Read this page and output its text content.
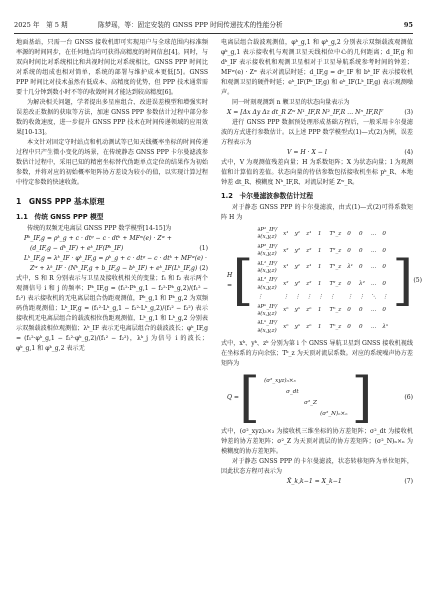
2025 年　第 5 期	陈梦瑶，等：固定安装的 GNSS PPP 时间传递技术的性能分析	95

地面基站，只需一台 GNSS 接收机即可实现用户与全球范围内标准频率源的时间同步，在任何地点均可获得高精度的时间信息[4]。同时，与双向时间比对系统相比和共视时间比对系统相比，GNSS PPP 时间比对系统的组成也相对简单，系统的部署与维护成本更低[5]。GNSS PPP 时间比对技术虽然有低成本、高精度的优势，但 PPP 技术通常需要十几分钟到数小时不等的收敛时间才能达到较高精度[6]。

为解决相关问题，学者提出多星座组合、改进误差模型和增强实时误差改正数据的获取等方法，加速 GNSS PPP 参数估计过程中部分参数的收敛速度，进一步提升 GNSS PPP 技术在时间传递领域的应用效果[10-13]。

本文针对固定守时站点和机动测试等已知天线概率坐标的时间传递过程中只产生微小变化的场景，在传统静态 GNSS PPP 卡尔曼滤波参数估计过程中，采用已知的精密坐标替代伪距单点定位的结果作为初始参数，并将对应的初始概率矩阵协方差设为较小的值，以实现计算过程中待定参数的快速收敛。

1　GNSS PPP 基本原理
1.1　传统 GNSS PPP 模型

传统的双频无电离层 GNSS PPP 数学模型[14-15]为

Pᵏ_IF,g = ρᵏ_g + c · dtᵍ − c · dtᵏ + MFʷ(e) · Zʷ +
(d_IF,g − dᵏ_IF) + eᵏ_IF(Pᵏ_IF)	(1)
Lᵏ_IF,g = λᵏ_IF · φᵏ_IF,g = ρᵏ_g + c · dtᵍ − c · dtᵏ + MFʷ(e) ·
Zʷ + λᵏ_IF · (Nᵏ_IF,g + b_IF,g − bᵏ_IF) + eᵏ_IF(Lᵏ_IF,g) (2)

式中，S 和 R 分别表示与卫星及接收机相关的变量；f₁ 和 f₂ 表示两个观测信号 i 和 j 的频率；Pᵏ_IF,g = (f₁²·Pᵏ_g,1 − f₂²·Pᵏ_g,2)/(f₁² − f₂²) 表示接收机的无电离层组合伪距观测值，Pᵏ_g,1 和 Pᵏ_g,2 为双频码伪距观测值；Lᵏ_IF,g = (f₁²·Lᵏ_g,1 − f₂²·Lᵏ_g,2)/(f₁² − f₂²) 表示接收机无电离层组合的载波相位伪距观测值，Lᵏ_g,1 和 Lᵏ_g,2 分别表示双频载波相位观测值；λᵏ_IF 表示无电离层组合的载波波长；φᵏ_IF,g = (f₁²·φᵏ_g,1 − f₂²·φᵏ_g,2)/(f₁² − f₂²)，λᵏ_j 为信号 i 的波长；φᵏ_g,1 和 φᵏ_g,2 表示无

电离层组合载波观测值，φᵏ_g,1 和 φᵏ_g,2 分别表示双频载波观测值 φᵏ_g,1 表示接收机与观测卫星天线相位中心的几何距离；d_IF,g 和 dᵏ_IF 表示接收机和观测卫星相对于卫星导航系统参考时间的钟差；MFʷ(e) · Zʷ 表示对流层时延；d_IF,g = dᵍ_IF 和 bᵏ_IF 表示接收机和观测卫星的硬件时延；eᵏ_IF(Pᵏ_IF,g) 和 eᵏ_IF(Lᵏ_IF,g) 表示观测噪声。

同一时刻观测到 n 颗卫星的状态向量表示为

X = [Δx Δy Δz dt_R Zʷ N¹_IF,R N²_IF,R … Nⁿ_IF,R]ᵀ	(3)

进行 GNSS PPP 数据预处理形成基础方程后，一般采用卡尔曼滤波的方式进行参数估计。以上述 PPP 数学模型式(1)—式(2)为例，误差方程表示为

V = H · X − l	(4)

式中，V 为观测值残差向量；H 为系数矩阵；X 为状态向量；l 为观测值和计算值的差值。状态向量的待估参数包括接收机坐标 pᵏ_R、本地钟差 dt_R、模糊度 Nᵏ_IF,R、对流层时延 Zʷ_R。

1.2　卡尔曼滤波参数估计过程

对于静态 GNSS PPP 的卡尔曼滤波，由式(1)—式(2)可得系数矩阵 H 为

H = [
∂P¹_IF/∂(x,y,z)	x¹	y¹	z¹	1	T¹_z	0	0	…	0
∂P²_IF/∂(x,y,z)	x²	y²	z²	1	T²_z	0	0	…	0
∂L¹_IF/∂(x,y,z)	x¹	y¹	z¹	1	T¹_z	λ¹	0	…	0
∂L²_IF/∂(x,y,z)	x²	y²	z²	1	T²_z	0	λ²	…	0
⋮	⋮	⋮	⋮	⋮	⋮	⋮	⋮	⋱	⋮
∂Pⁿ_IF/∂(x,y,z)	xⁿ	yⁿ	zⁿ	1	Tⁿ_z	0	0	…	0
∂Lⁿ_IF/∂(x,y,z)	xⁿ	yⁿ	zⁿ	1	Tⁿ_z	0	0	…	λⁿ
] (5)

式中，xᵏ、yᵏ、zᵏ 分别为第 i 个 GNSS 导航卫星到 GNSS 接收机视线在坐标系的方向余弦；Tᵏ_z 为天顶对流层系数。对应的系统噪声协方差矩阵为

Q = [ (σ²_xyz)₃×₃
σ_dt
σ²_Z
(σ²_N)ₙ×ₙ ]	(6)

式中，(σ²_xyz)₃×₃ 为接收机三维坐标的协方差矩阵；σ²_dt 为接收机钟差的协方差矩阵；σ²_Z 为天顶对流层的协方差矩阵；(σ²_N)ₙ×ₙ 为模糊度的协方差矩阵。

对于静态 GNSS PPP 的卡尔曼滤波，状态转移矩阵为单位矩阵，因此状态方程可表示为

X̂_k,k−1 = X_k−1	(7)
